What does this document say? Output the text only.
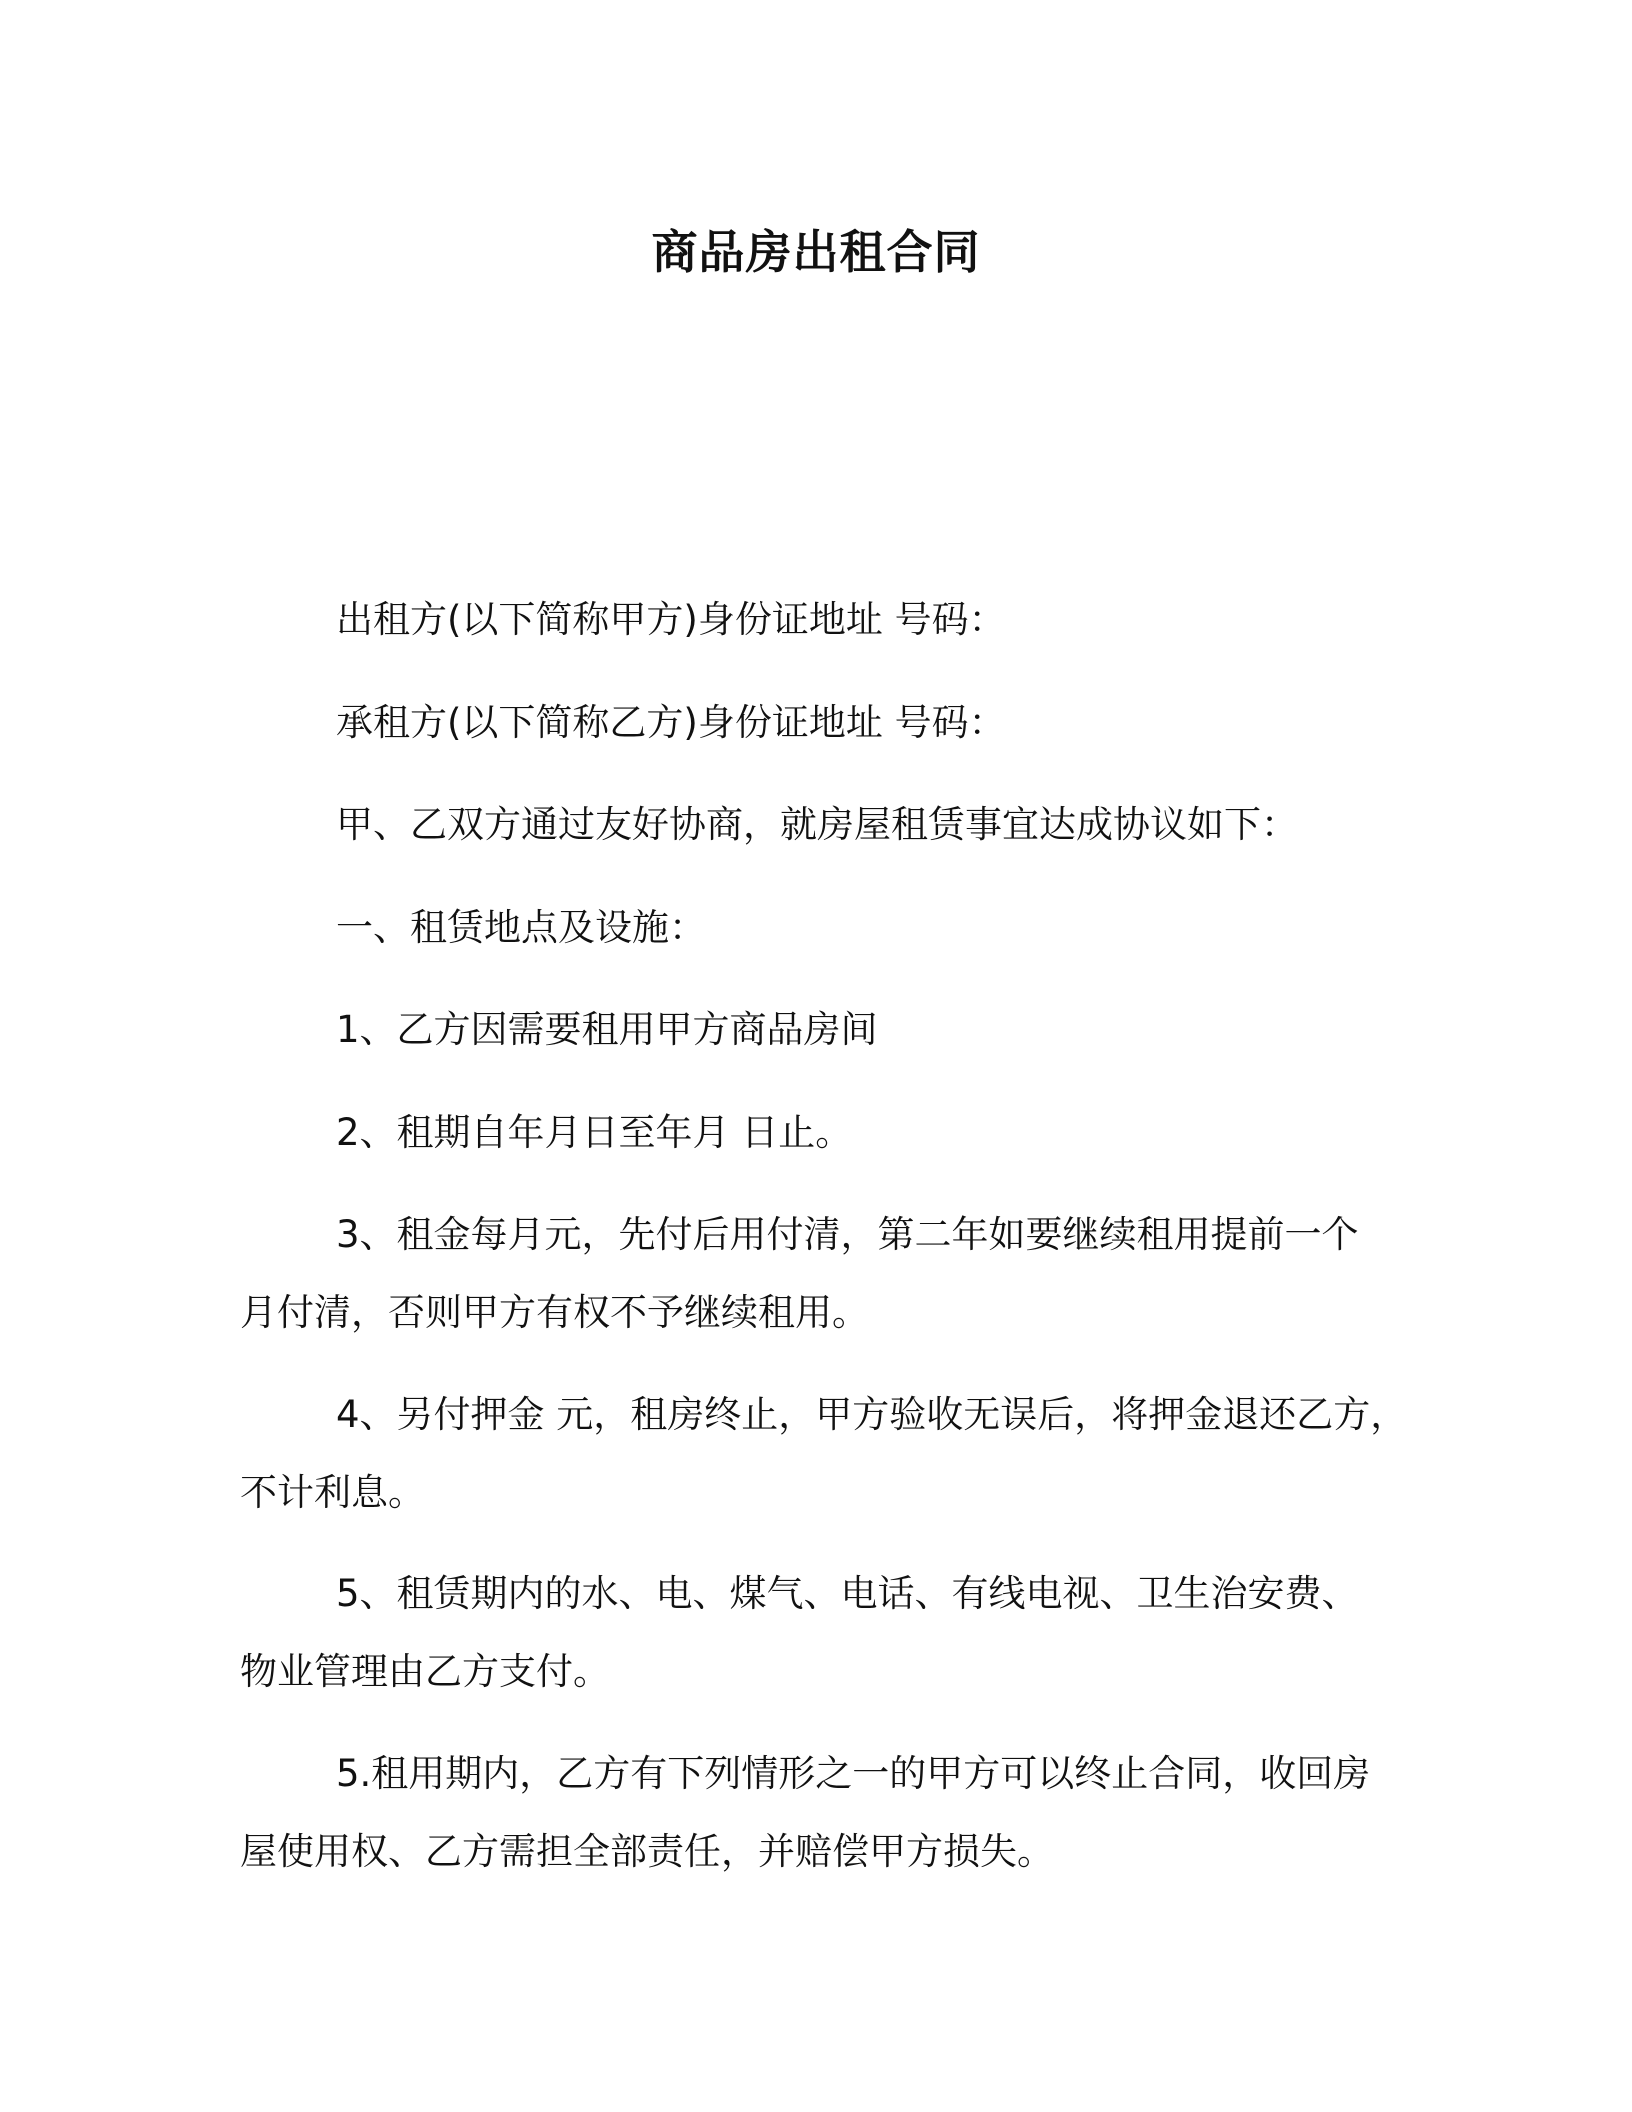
商品房出租合同
出租方(以下简称甲方)身份证地址 号码：
承租方(以下简称乙方)身份证地址 号码：
甲、乙双方通过友好协商，就房屋租赁事宜达成协议如下：
一、租赁地点及设施：
1、乙方因需要租用甲方商品房间
2、租期自年月日至年月 日止。
3、租金每月元，先付后用付清，第二年如要继续租用提前一个
月付清，否则甲方有权不予继续租用。
4、另付押金 元，租房终止，甲方验收无误后，将押金退还乙方，
不计利息。
5、租赁期内的水、电、煤气、电话、有线电视、卫生治安费、
物业管理由乙方支付。
5.租用期内，乙方有下列情形之一的甲方可以终止合同，收回房
屋使用权、乙方需担全部责任，并赔偿甲方损失。
